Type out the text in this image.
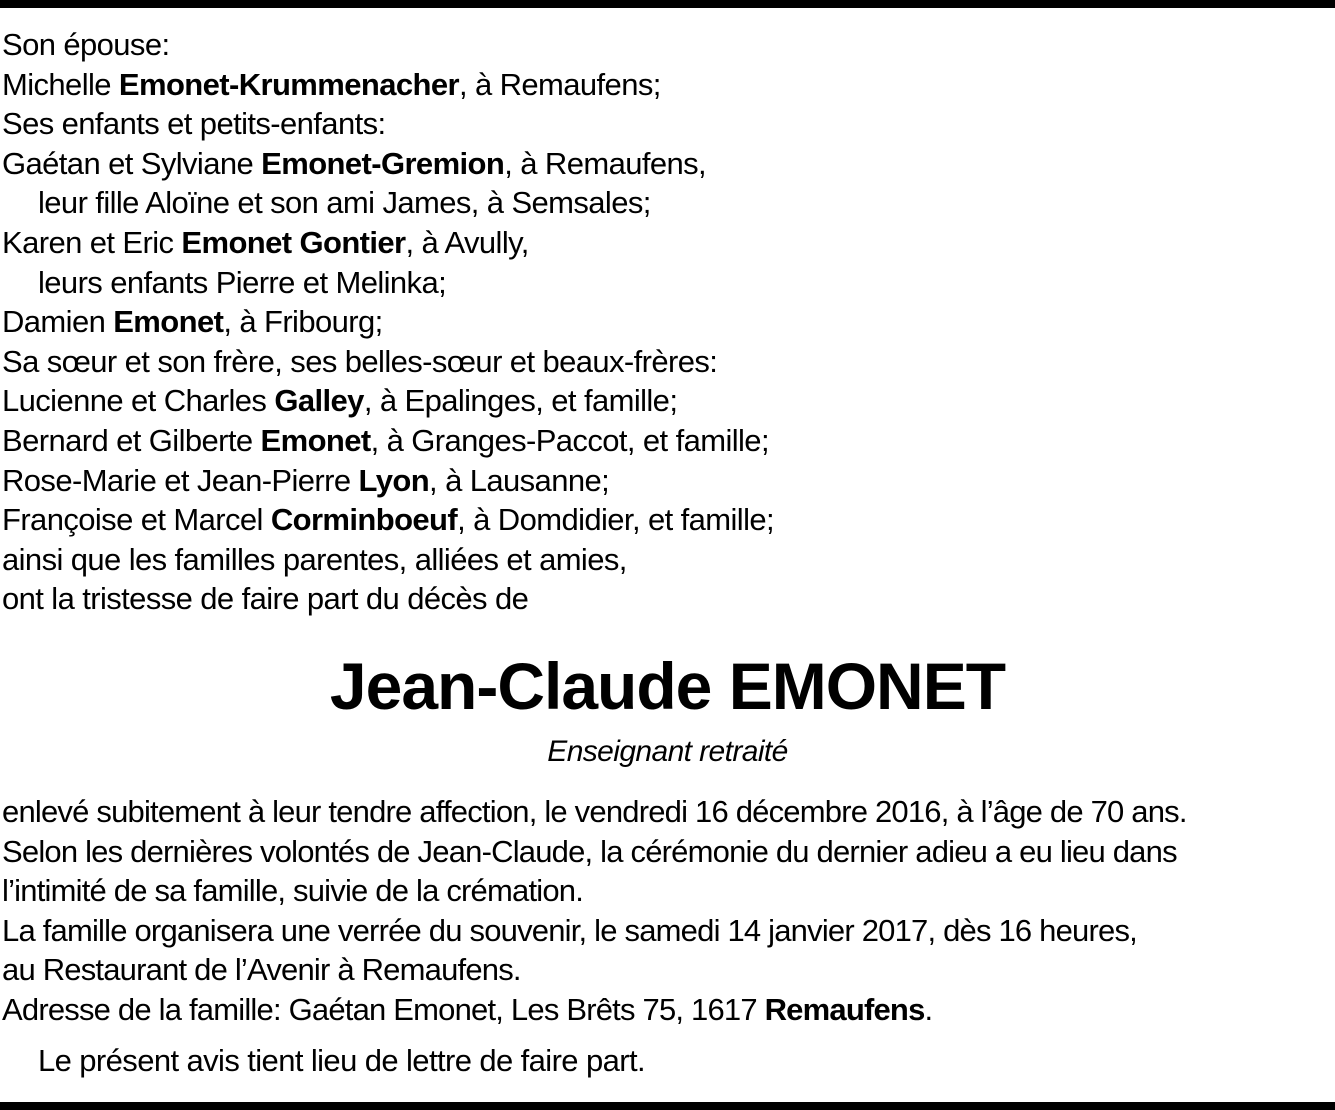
Son épouse:
Michelle Emonet-Krummenacher, à Remaufens;
Ses enfants et petits-enfants:
Gaétan et Sylviane Emonet-Gremion, à Remaufens,
leur fille Aloïne et son ami James, à Semsales;
Karen et Eric Emonet Gontier, à Avully,
leurs enfants Pierre et Melinka;
Damien Emonet, à Fribourg;
Sa sœur et son frère, ses belles-sœur et beaux-frères:
Lucienne et Charles Galley, à Epalinges, et famille;
Bernard et Gilberte Emonet, à Granges-Paccot, et famille;
Rose-Marie et Jean-Pierre Lyon, à Lausanne;
Françoise et Marcel Corminboeuf, à Domdidier, et famille;
ainsi que les familles parentes, alliées et amies,
ont la tristesse de faire part du décès de
Jean-Claude EMONET
Enseignant retraité
enlevé subitement à leur tendre affection, le vendredi 16 décembre 2016, à l’âge de 70 ans.
Selon les dernières volontés de Jean-Claude, la cérémonie du dernier adieu a eu lieu dans
l’intimité de sa famille, suivie de la crémation.
La famille organisera une verrée du souvenir, le samedi 14 janvier 2017, dès 16 heures,
au Restaurant de l’Avenir à Remaufens.
Adresse de la famille: Gaétan Emonet, Les Brêts 75, 1617 Remaufens.
Le présent avis tient lieu de lettre de faire part.
